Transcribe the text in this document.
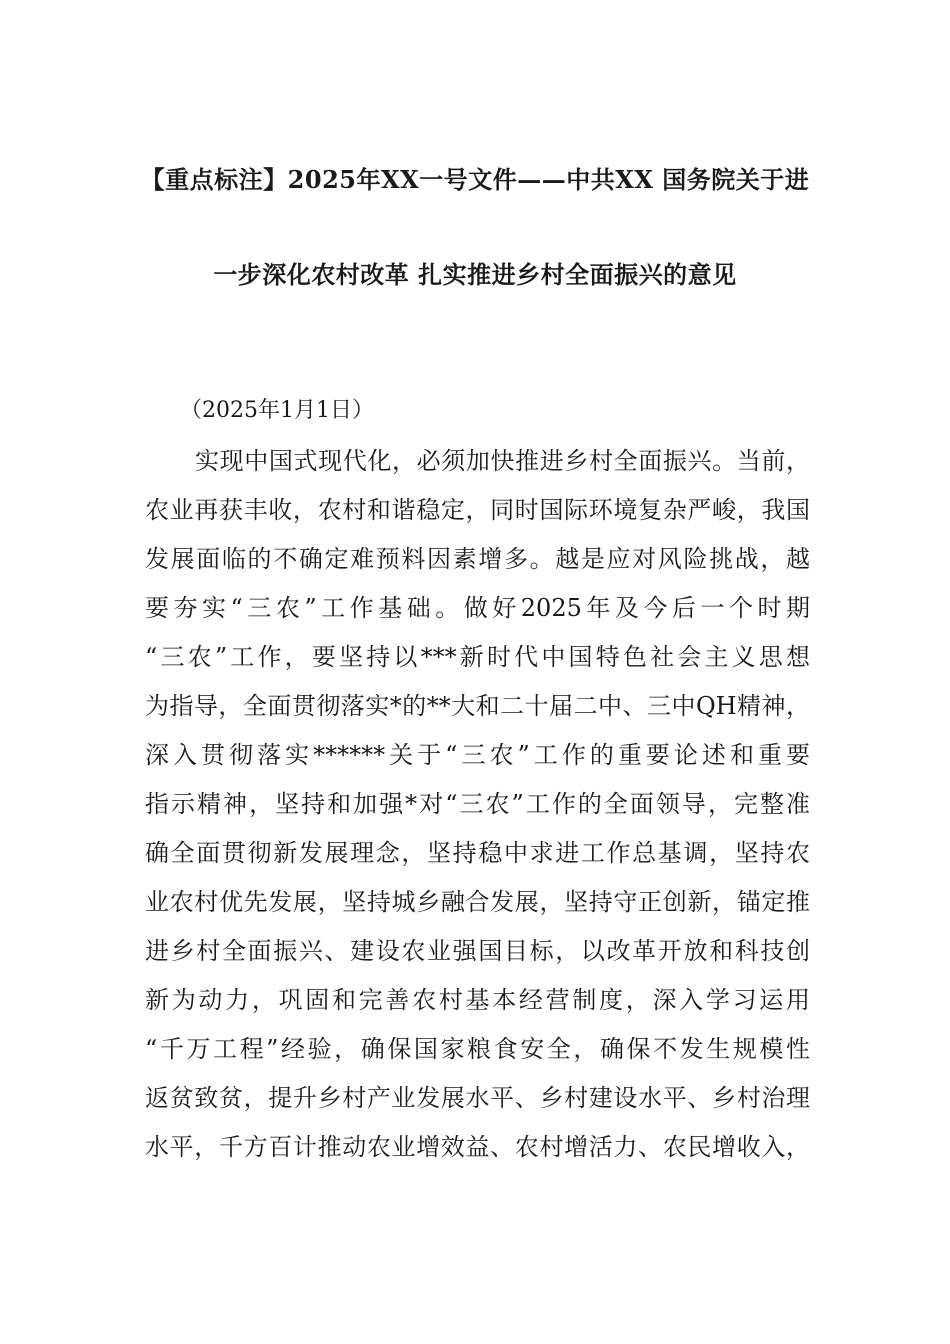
【重点标注】2025年XX一号文件——中共XX 国务院关于进
一步深化农村改革 扎实推进乡村全面振兴的意见
（2025年1月1日）
实现中国式现代化，必须加快推进乡村全面振兴。当前，
农业再获丰收，农村和谐稳定，同时国际环境复杂严峻，我国
发展面临的不确定难预料因素增多。越是应对风险挑战，越
要夯实“三农”工作基础。做好2025年及今后一个时期
“三农”工作，要坚持以***新时代中国特色社会主义思想
为指导，全面贯彻落实*的**大和二十届二中、三中QH精神，
深入贯彻落实******关于“三农”工作的重要论述和重要
指示精神，坚持和加强*对“三农”工作的全面领导，完整准
确全面贯彻新发展理念，坚持稳中求进工作总基调，坚持农
业农村优先发展，坚持城乡融合发展，坚持守正创新，锚定推
进乡村全面振兴、建设农业强国目标，以改革开放和科技创
新为动力，巩固和完善农村基本经营制度，深入学习运用
“千万工程”经验，确保国家粮食安全，确保不发生规模性
返贫致贫，提升乡村产业发展水平、乡村建设水平、乡村治理
水平，千方百计推动农业增效益、农村增活力、农民增收入，
